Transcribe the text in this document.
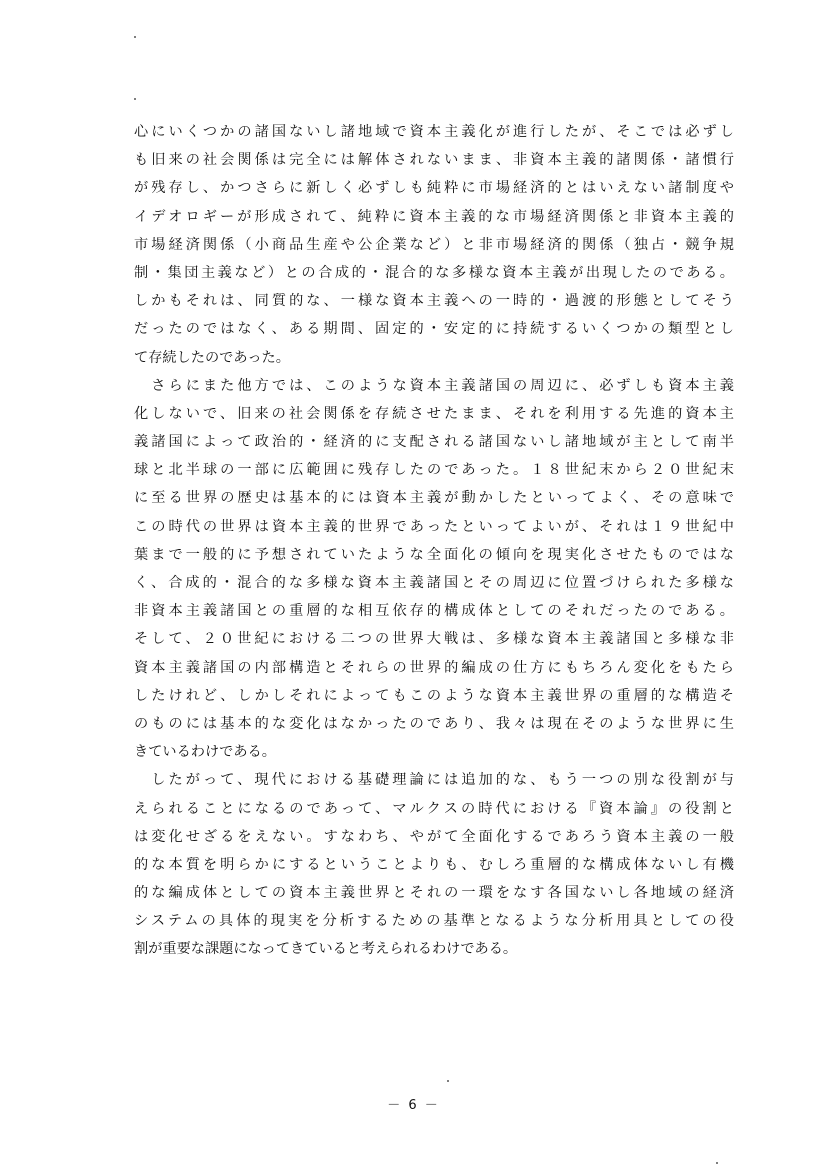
心にいくつかの諸国ないし諸地域で資本主義化が進行したが、そこでは必ずし
も旧来の社会関係は完全には解体されないまま、非資本主義的諸関係・諸慣行
が残存し、かつさらに新しく必ずしも純粋に市場経済的とはいえない諸制度や
イデオロギーが形成されて、純粋に資本主義的な市場経済関係と非資本主義的
市場経済関係（小商品生産や公企業など）と非市場経済的関係（独占・競争規
制・集団主義など）との合成的・混合的な多様な資本主義が出現したのである。
しかもそれは、同質的な、一様な資本主義への一時的・過渡的形態としてそう
だったのではなく、ある期間、固定的・安定的に持続するいくつかの類型とし
て存続したのであった。
　さらにまた他方では、このような資本主義諸国の周辺に、必ずしも資本主義
化しないで、旧来の社会関係を存続させたまま、それを利用する先進的資本主
義諸国によって政治的・経済的に支配される諸国ないし諸地域が主として南半
球と北半球の一部に広範囲に残存したのであった。１８世紀末から２０世紀末
に至る世界の歴史は基本的には資本主義が動かしたといってよく、その意味で
この時代の世界は資本主義的世界であったといってよいが、それは１９世紀中
葉まで一般的に予想されていたような全面化の傾向を現実化させたものではな
く、合成的・混合的な多様な資本主義諸国とその周辺に位置づけられた多様な
非資本主義諸国との重層的な相互依存的構成体としてのそれだったのである。
そして、２０世紀における二つの世界大戦は、多様な資本主義諸国と多様な非
資本主義諸国の内部構造とそれらの世界的編成の仕方にもちろん変化をもたら
したけれど、しかしそれによってもこのような資本主義世界の重層的な構造そ
のものには基本的な変化はなかったのであり、我々は現在そのような世界に生
きているわけである。
　したがって、現代における基礎理論には追加的な、もう一つの別な役割が与
えられることになるのであって、マルクスの時代における『資本論』の役割と
は変化せざるをえない。すなわち、やがて全面化するであろう資本主義の一般
的な本質を明らかにするということよりも、むしろ重層的な構成体ないし有機
的な編成体としての資本主義世界とそれの一環をなす各国ないし各地域の経済
システムの具体的現実を分析するための基準となるような分析用具としての役
割が重要な課題になってきていると考えられるわけである。
－ 6 －
